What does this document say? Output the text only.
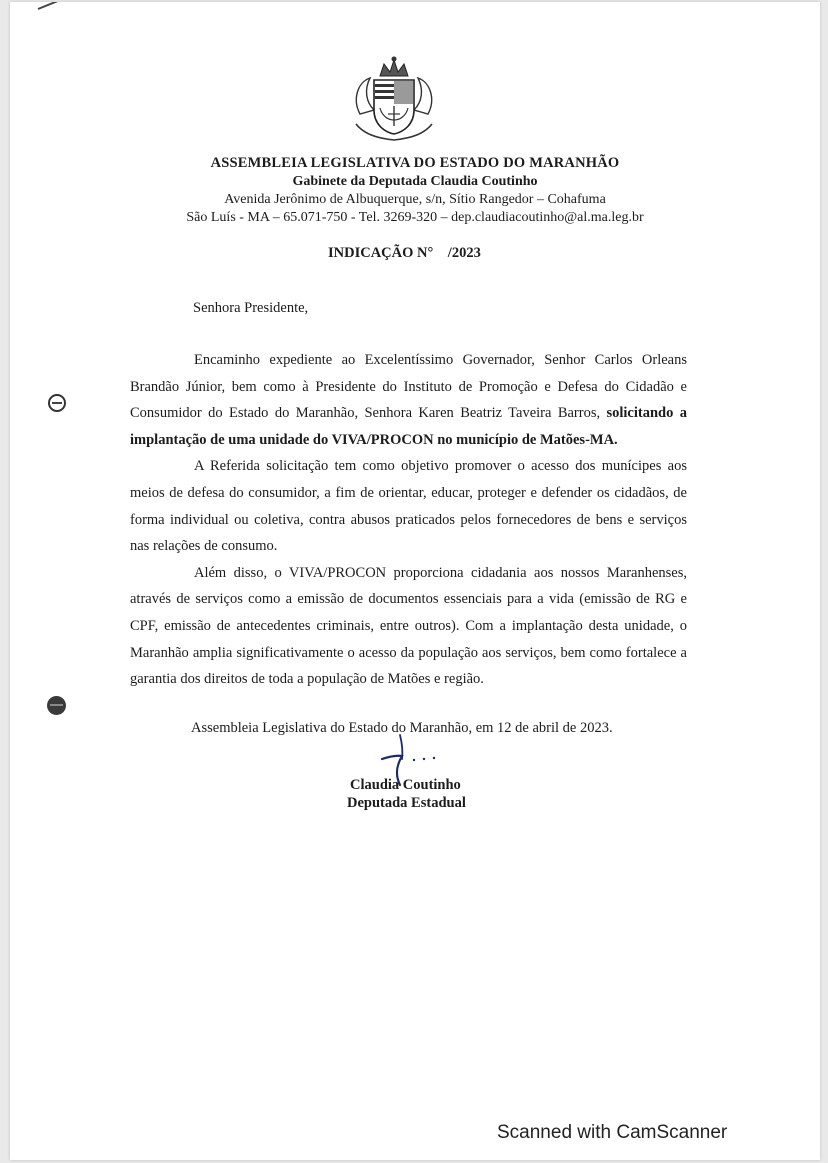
ASSEMBLEIA LEGISLATIVA DO ESTADO DO MARANHÃO
Gabinete da Deputada Claudia Coutinho
Avenida Jerônimo de Albuquerque, s/n, Sítio Rangedor – Cohafuma
São Luís - MA – 65.071-750 - Tel. 3269-320 – dep.claudiacoutinho@al.ma.leg.br
INDICAÇÃO N°    /2023
Senhora Presidente,

Encaminho expediente ao Excelentíssimo Governador, Senhor Carlos Orleans Brandão Júnior, bem como à Presidente do Instituto de Promoção e Defesa do Cidadão e Consumidor do Estado do Maranhão, Senhora Karen Beatriz Taveira Barros, solicitando a implantação de uma unidade do VIVA/PROCON no município de Matões-MA.

A Referida solicitação tem como objetivo promover o acesso dos munícipes aos meios de defesa do consumidor, a fim de orientar, educar, proteger e defender os cidadãos, de forma individual ou coletiva, contra abusos praticados pelos fornecedores de bens e serviços nas relações de consumo.

Além disso, o VIVA/PROCON proporciona cidadania aos nossos Maranhenses, através de serviços como a emissão de documentos essenciais para a vida (emissão de RG e CPF, emissão de antecedentes criminais, entre outros). Com a implantação desta unidade, o Maranhão amplia significativamente o acesso da população aos serviços, bem como fortalece a garantia dos direitos de toda a população de Matões e região.

Assembleia Legislativa do Estado do Maranhão, em 12 de abril de 2023.
Claudia Coutinho
Deputada Estadual
Scanned with CamScanner
